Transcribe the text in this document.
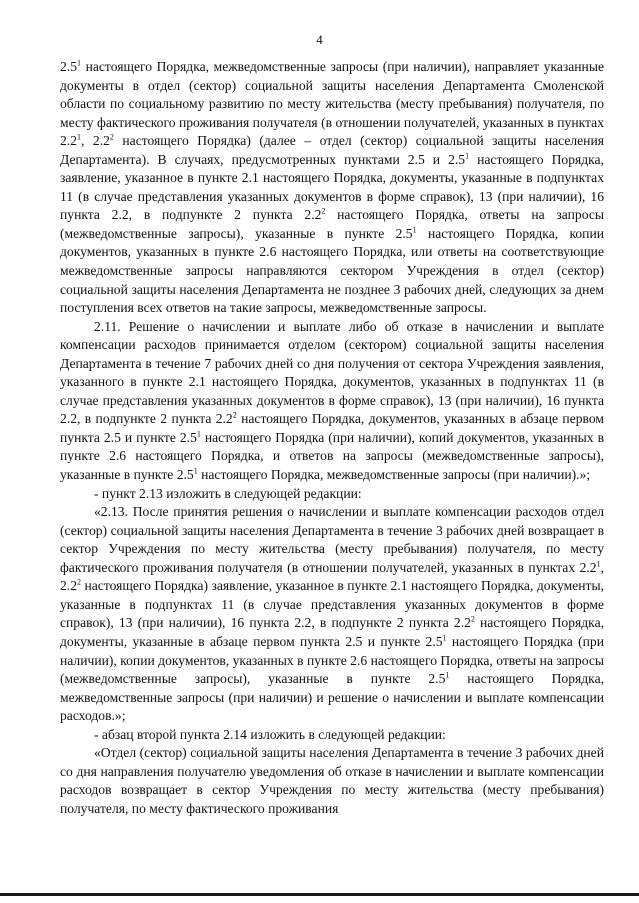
4

$2.5^1$ настоящего Порядка, межведомственные запросы (при наличии), направляет указанные документы в отдел (сектор) социальной защиты населения Департамента Смоленской области по социальному развитию по месту жительства (месту пребывания) получателя, по месту фактического проживания получателя (в отношении получателей, указанных в пунктах $2.2^1$, $2.2^2$ настоящего Порядка) (далее – отдел (сектор) социальной защиты населения Департамента). В случаях, предусмотренных пунктами 2.5 и $2.5^1$ настоящего Порядка, заявление, указанное в пункте 2.1 настоящего Порядка, документы, указанные в подпунктах 11 (в случае представления указанных документов в форме справок), 13 (при наличии), 16 пункта 2.2, в подпункте 2 пункта $2.2^2$ настоящего Порядка, ответы на запросы (межведомственные запросы), указанные в пункте $2.5^1$ настоящего Порядка, копии документов, указанных в пункте 2.6 настоящего Порядка, или ответы на соответствующие межведомственные запросы направляются сектором Учреждения в отдел (сектор) социальной защиты населения Департамента не позднее 3 рабочих дней, следующих за днем поступления всех ответов на такие запросы, межведомственные запросы.

2.11. Решение о начислении и выплате либо об отказе в начислении и выплате компенсации расходов принимается отделом (сектором) социальной защиты населения Департамента в течение 7 рабочих дней со дня получения от сектора Учреждения заявления, указанного в пункте 2.1 настоящего Порядка, документов, указанных в подпунктах 11 (в случае представления указанных документов в форме справок), 13 (при наличии), 16 пункта 2.2, в подпункте 2 пункта $2.2^2$ настоящего Порядка, документов, указанных в абзаце первом пункта 2.5 и пункте $2.5^1$ настоящего Порядка (при наличии), копий документов, указанных в пункте 2.6 настоящего Порядка, и ответов на запросы (межведомственные запросы), указанные в пункте $2.5^1$ настоящего Порядка, межведомственные запросы (при наличии).»;

- пункт 2.13 изложить в следующей редакции:

«2.13. После принятия решения о начислении и выплате компенсации расходов отдел (сектор) социальной защиты населения Департамента в течение 3 рабочих дней возвращает в сектор Учреждения по месту жительства (месту пребывания) получателя, по месту фактического проживания получателя (в отношении получателей, указанных в пунктах $2.2^1$, $2.2^2$ настоящего Порядка) заявление, указанное в пункте 2.1 настоящего Порядка, документы, указанные в подпунктах 11 (в случае представления указанных документов в форме справок), 13 (при наличии), 16 пункта 2.2, в подпункте 2 пункта $2.2^2$ настоящего Порядка, документы, указанные в абзаце первом пункта 2.5 и пункте $2.5^1$ настоящего Порядка (при наличии), копии документов, указанных в пункте 2.6 настоящего Порядка, ответы на запросы (межведомственные запросы), указанные в пункте $2.5^1$ настоящего Порядка, межведомственные запросы (при наличии) и решение о начислении и выплате компенсации расходов.»;

- абзац второй пункта 2.14 изложить в следующей редакции:

«Отдел (сектор) социальной защиты населения Департамента в течение 3 рабочих дней со дня направления получателю уведомления об отказе в начислении и выплате компенсации расходов возвращает в сектор Учреждения по месту жительства (месту пребывания) получателя, по месту фактического проживания
